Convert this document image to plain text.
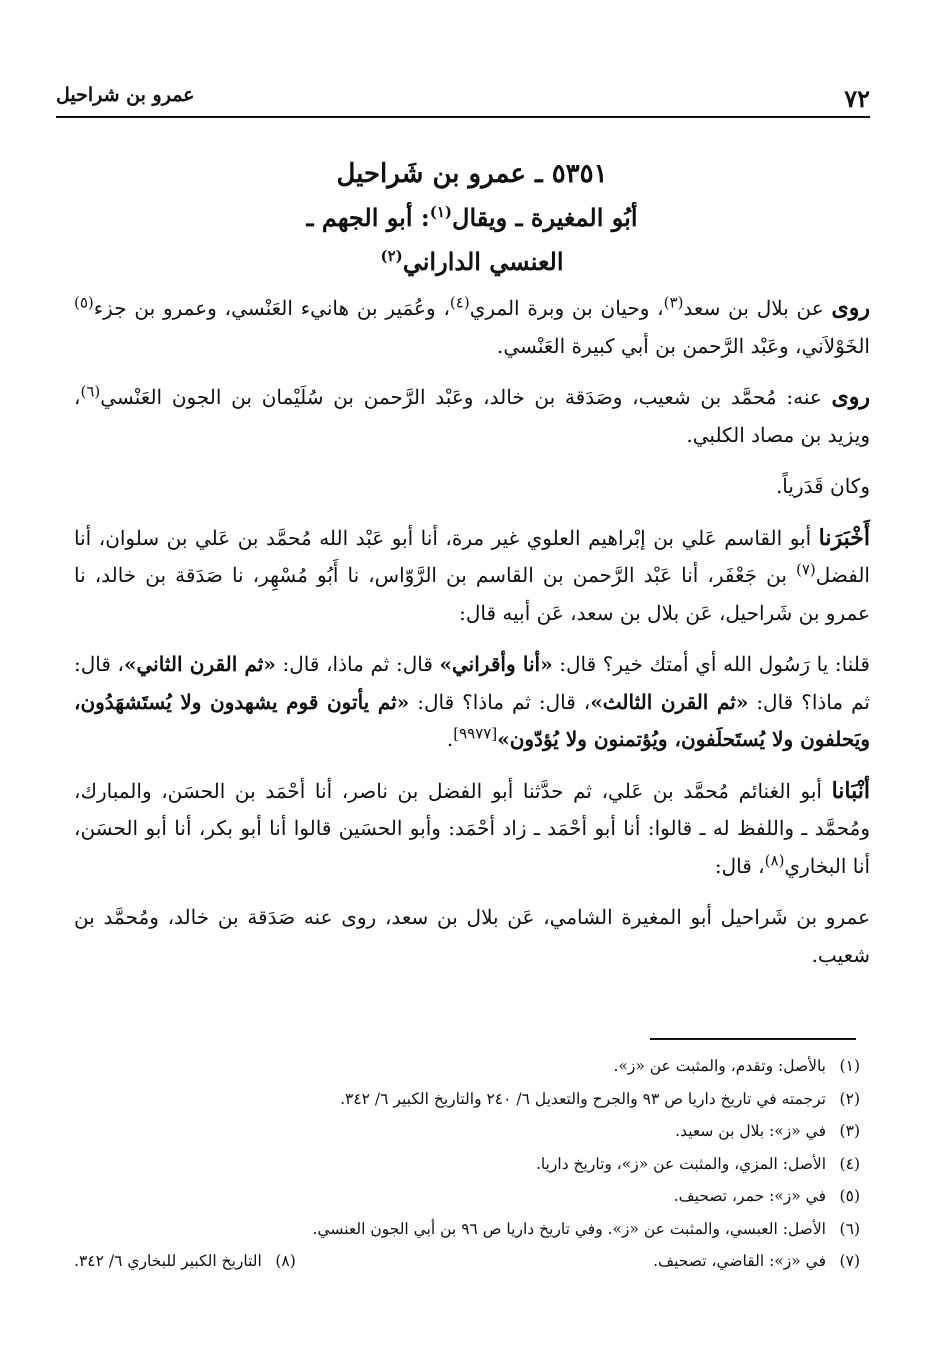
٧٢
عمرو بن شراحيل
٥٣٥١ ـ عمرو بن شَراحيل
أبُو المغيرة ـ ويقال$^{(١)}$: أبو الجهم ـ
العنسي الداراني$^{(٢)}$

روى عن بلال بن سعد$^{(٣)}$، وحيان بن وبرة المري$^{(٤)}$، وعُمَير بن هانيء العَنْسي، وعمرو بن جزء$^{(٥)}$ الخَوْلاَني، وعَبْد الرَّحمن بن أبي كبيرة العَنْسي.

روى عنه: مُحمَّد بن شعيب، وصَدَقة بن خالد، وعَبْد الرَّحمن بن سُلَيْمان بن الجون العَنْسي$^{(٦)}$، ويزيد بن مصاد الكلبي.

وكان قَدَرياً.

أَخْبَرَنا أبو القاسم عَلي بن إبْراهيم العلوي غير مرة، أنا أبو عَبْد الله مُحمَّد بن عَلي بن سلوان، أنا الفضل$^{(٧)}$ بن جَعْفَر، أنا عَبْد الرَّحمن بن القاسم بن الرَّوّاس، نا أَبُو مُسْهِر، نا صَدَقة بن خالد، نا عمرو بن شَراحيل، عَن بلال بن سعد، عَن أبيه قال:

قلنا: يا رَسُول الله أي أمتك خير؟ قال: «أنا وأقراني» قال: ثم ماذا، قال: «ثم القرن الثاني»، قال: ثم ماذا؟ قال: «ثم القرن الثالث»، قال: ثم ماذا؟ قال: «ثم يأتون قوم يشهدون ولا يُستَشهَدُون، ويَحلفون ولا يُستَحلَفون، ويُؤتمنون ولا يُؤدّون»[٩٩٧٧].

أنْبَانا أبو الغنائم مُحمَّد بن عَلي، ثم حدَّثنا أبو الفضل بن ناصر، أنا أحْمَد بن الحسَن، والمبارك، ومُحمَّد ـ واللفظ له ـ قالوا: أنا أبو أحْمَد ـ زاد أحْمَد: وأبو الحسَين قالوا أنا أبو بكر، أنا أبو الحسَن، أنا البخاري$^{(٨)}$، قال:

عمرو بن شَراحيل أبو المغيرة الشامي، عَن بلال بن سعد، روى عنه صَدَقة بن خالد، ومُحمَّد بن شعيب.

(١)بالأصل: وتقدم، والمثبت عن «ز».
(٢)ترجمته في تاريخ داريا ص ٩٣ والجرح والتعديل ٦/ ٢٤٠ والتاريخ الكبير ٦/ ٣٤٢.
(٣)في «ز»: بلال بن سعيد.
(٤)الأصل: المزي، والمثبت عن «ز»، وتاريخ داريا.
(٥)في «ز»: حمر، تصحيف.
(٦)الأصل: العبسي، والمثبت عن «ز». وفي تاريخ داريا ص ٩٦ بن أبي الجون العنسي.
(٧)في «ز»: القاضي، تصحيف.
(٨)التاريخ الكبير للبخاري ٦/ ٣٤٢.
